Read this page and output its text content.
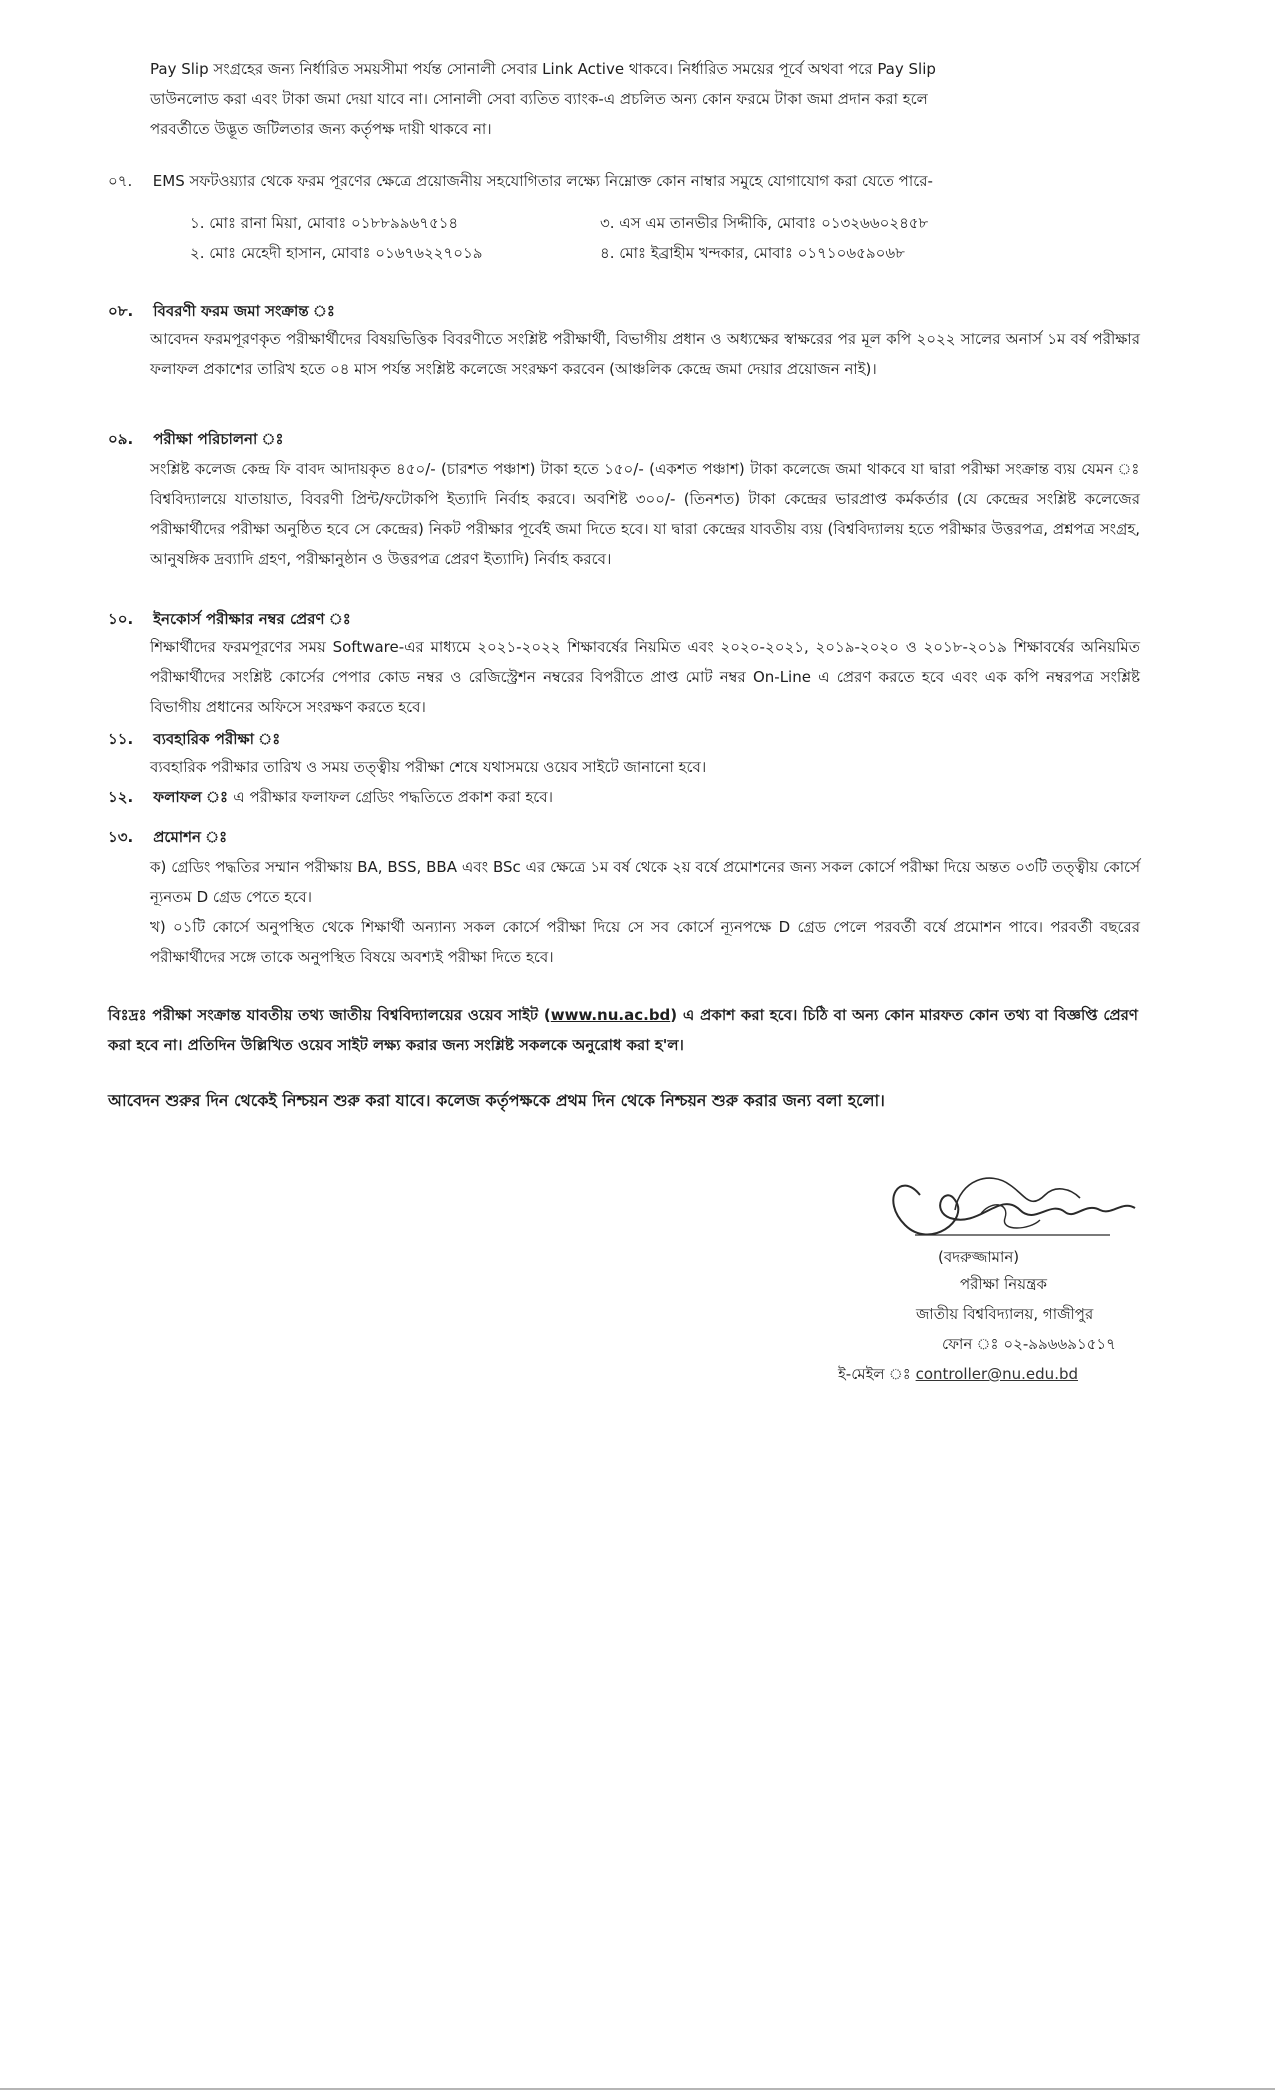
Pay Slip সংগ্রহের জন্য নির্ধারিত সময়সীমা পর্যন্ত সোনালী সেবার Link Active থাকবে। নির্ধারিত সময়ের পূর্বে অথবা পরে Pay Slip

ডাউনলোড করা এবং টাকা জমা দেয়া যাবে না। সোনালী সেবা ব্যতিত ব্যাংক-এ প্রচলিত অন্য কোন ফরমে টাকা জমা প্রদান করা হলে

পরবর্তীতে উদ্ভূত জটিলতার জন্য কর্তৃপক্ষ দায়ী থাকবে না।

০৭. EMS সফটওয়্যার থেকে ফরম পূরণের ক্ষেত্রে প্রয়োজনীয় সহযোগিতার লক্ষ্যে নিম্নোক্ত কোন নাম্বার সমুহে যোগাযোগ করা যেতে পারে-
১. মোঃ রানা মিয়া, মোবাঃ ০১৮৮৯৯৬৭৫১৪	৩. এস এম তানভীর সিদ্দীকি, মোবাঃ ০১৩২৬৬০২৪৫৮
২. মোঃ মেহেদী হাসান, মোবাঃ ০১৬৭৬২২৭০১৯	৪. মোঃ ইব্রাহীম খন্দকার, মোবাঃ ০১৭১০৬৫৯০৬৮
০৮. বিবরণী ফরম জমা সংক্রান্ত ঃ
আবেদন ফরমপূরণকৃত পরীক্ষার্থীদের বিষয়ভিত্তিক বিবরণীতে সংশ্লিষ্ট পরীক্ষার্থী, বিভাগীয় প্রধান ও অধ্যক্ষের স্বাক্ষরের পর মূল কপি ২০২২ সালের অনার্স ১ম বর্ষ পরীক্ষার ফলাফল প্রকাশের তারিখ হতে ০৪ মাস পর্যন্ত সংশ্লিষ্ট কলেজে সংরক্ষণ করবেন (আঞ্চলিক কেন্দ্রে জমা দেয়ার প্রয়োজন নাই)।
০৯. পরীক্ষা পরিচালনা ঃ
সংশ্লিষ্ট কলেজ কেন্দ্র ফি বাবদ আদায়কৃত ৪৫০/- (চারশত পঞ্চাশ) টাকা হতে ১৫০/- (একশত পঞ্চাশ) টাকা কলেজে জমা থাকবে যা দ্বারা পরীক্ষা সংক্রান্ত ব্যয় যেমন ঃ বিশ্ববিদ্যালয়ে যাতায়াত, বিবরণী প্রিন্ট/ফটোকপি ইত্যাদি নির্বাহ করবে। অবশিষ্ট ৩০০/- (তিনশত) টাকা কেন্দ্রের ভারপ্রাপ্ত কর্মকর্তার (যে কেন্দ্রের সংশ্লিষ্ট কলেজের পরীক্ষার্থীদের পরীক্ষা অনুষ্ঠিত হবে সে কেন্দ্রের) নিকট পরীক্ষার পূর্বেই জমা দিতে হবে। যা দ্বারা কেন্দ্রের যাবতীয় ব্যয় (বিশ্ববিদ্যালয় হতে পরীক্ষার উত্তরপত্র, প্রশ্নপত্র সংগ্রহ, আনুষঙ্গিক দ্রব্যাদি গ্রহণ, পরীক্ষানুষ্ঠান ও উত্তরপত্র প্রেরণ ইত্যাদি) নির্বাহ করবে।
১০. ইনকোর্স পরীক্ষার নম্বর প্রেরণ ঃ
শিক্ষার্থীদের ফরমপূরণের সময় Software-এর মাধ্যমে ২০২১-২০২২ শিক্ষাবর্ষের নিয়মিত এবং ২০২০-২০২১, ২০১৯-২০২০ ও ২০১৮-২০১৯ শিক্ষাবর্ষের অনিয়মিত পরীক্ষার্থীদের সংশ্লিষ্ট কোর্সের পেপার কোড নম্বর ও রেজিস্ট্রেশন নম্বরের বিপরীতে প্রাপ্ত মোট নম্বর On-Line এ প্রেরণ করতে হবে এবং এক কপি নম্বরপত্র সংশ্লিষ্ট বিভাগীয় প্রধানের অফিসে সংরক্ষণ করতে হবে।
১১. ব্যবহারিক পরীক্ষা ঃ
ব্যবহারিক পরীক্ষার তারিখ ও সময় তত্ত্বীয় পরীক্ষা শেষে যথাসময়ে ওয়েব সাইটে জানানো হবে।
১২. ফলাফল ঃ এ পরীক্ষার ফলাফল গ্রেডিং পদ্ধতিতে প্রকাশ করা হবে।
১৩. প্রমোশন ঃ
ক) গ্রেডিং পদ্ধতির সম্মান পরীক্ষায় BA, BSS, BBA এবং BSc এর ক্ষেত্রে ১ম বর্ষ থেকে ২য় বর্ষে প্রমোশনের জন্য সকল কোর্সে পরীক্ষা দিয়ে অন্তত ০৩টি তত্ত্বীয় কোর্সে ন্যূনতম D গ্রেড পেতে হবে।
খ) ০১টি কোর্সে অনুপস্থিত থেকে শিক্ষার্থী অন্যান্য সকল কোর্সে পরীক্ষা দিয়ে সে সব কোর্সে ন্যূনপক্ষে D গ্রেড পেলে পরবর্তী বর্ষে প্রমোশন পাবে। পরবর্তী বছরের পরীক্ষার্থীদের সঙ্গে তাকে অনুপস্থিত বিষয়ে অবশ্যই পরীক্ষা দিতে হবে।
বিঃদ্রঃ পরীক্ষা সংক্রান্ত যাবতীয় তথ্য জাতীয় বিশ্ববিদ্যালয়ের ওয়েব সাইট (www.nu.ac.bd) এ প্রকাশ করা হবে। চিঠি বা অন্য কোন মারফত কোন তথ্য বা বিজ্ঞপ্তি প্রেরণ করা হবে না। প্রতিদিন উল্লিখিত ওয়েব সাইট লক্ষ্য করার জন্য সংশ্লিষ্ট সকলকে অনুরোধ করা হ'ল।
আবেদন শুরুর দিন থেকেই নিশ্চয়ন শুরু করা যাবে। কলেজ কর্তৃপক্ষকে প্রথম দিন থেকে নিশ্চয়ন শুরু করার জন্য বলা হলো।
(বদরুজ্জামান)
পরীক্ষা নিয়ন্ত্রক
জাতীয় বিশ্ববিদ্যালয়, গাজীপুর
ফোন ঃ ০২-৯৯৬৬৯১৫১৭
ই-মেইল ঃ controller@nu.edu.bd
